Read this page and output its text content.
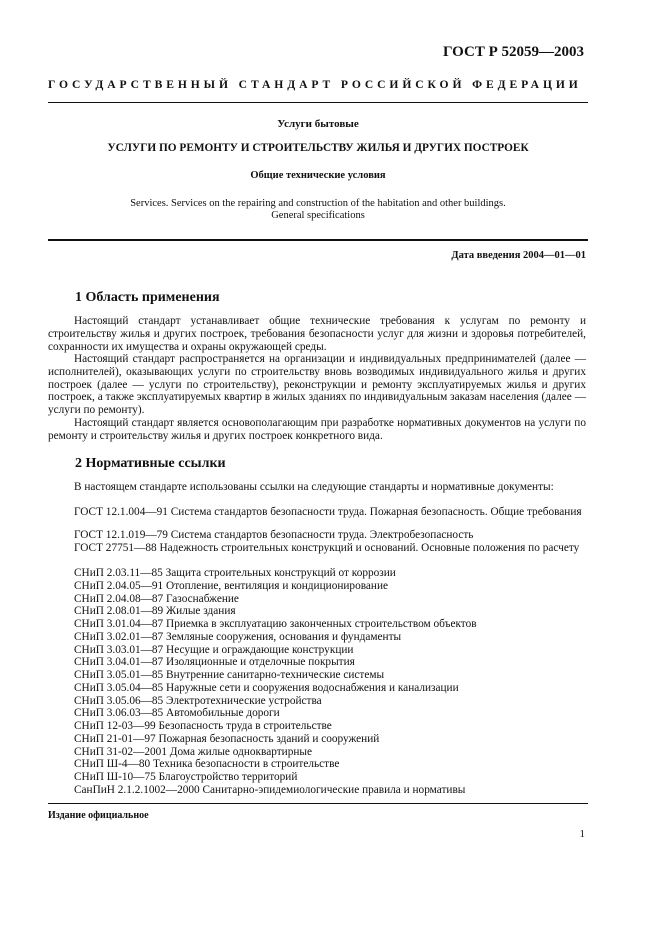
ГОСТ Р 52059—2003
ГОСУДАРСТВЕННЫЙ СТАНДАРТ РОССИЙСКОЙ ФЕДЕРАЦИИ
Услуги бытовые
УСЛУГИ ПО РЕМОНТУ И СТРОИТЕЛЬСТВУ ЖИЛЬЯ И ДРУГИХ ПОСТРОЕК
Общие технические условия
Services. Services on the repairing and construction of the habitation and other buildings.
General specifications
Дата введения 2004—01—01
1 Область применения
Настоящий стандарт устанавливает общие технические требования к услугам по ремонту и строительству жилья и других построек, требования безопасности услуг для жизни и здоровья потребителей, сохранности их имущества и охраны окружающей среды.
Настоящий стандарт распространяется на организации и индивидуальных предпринимателей (далее — исполнителей), оказывающих услуги по строительству вновь возводимых индивидуального жилья и других построек (далее — услуги по строительству), реконструкции и ремонту эксплуатируемых жилья и других построек, а также эксплуатируемых квартир в жилых зданиях по индивидуальным заказам населения (далее — услуги по ремонту).
Настоящий стандарт является основополагающим при разработке нормативных документов на услуги по ремонту и строительству жилья и других построек конкретного вида.
2 Нормативные ссылки
В настоящем стандарте использованы ссылки на следующие стандарты и нормативные документы:
ГОСТ 12.1.004—91 Система стандартов безопасности труда. Пожарная безопасность. Общие требования
ГОСТ 12.1.019—79 Система стандартов безопасности труда. Электробезопасность
ГОСТ 27751—88 Надежность строительных конструкций и оснований. Основные положения по расчету
СНиП 2.03.11—85 Защита строительных конструкций от коррозии
СНиП 2.04.05—91 Отопление, вентиляция и кондиционирование
СНиП 2.04.08—87 Газоснабжение
СНиП 2.08.01—89 Жилые здания
СНиП 3.01.04—87 Приемка в эксплуатацию законченных строительством объектов
СНиП 3.02.01—87 Земляные сооружения, основания и фундаменты
СНиП 3.03.01—87 Несущие и ограждающие конструкции
СНиП 3.04.01—87 Изоляционные и отделочные покрытия
СНиП 3.05.01—85 Внутренние санитарно-технические системы
СНиП 3.05.04—85 Наружные сети и сооружения водоснабжения и канализации
СНиП 3.05.06—85 Электротехнические устройства
СНиП 3.06.03—85 Автомобильные дороги
СНиП 12-03—99 Безопасность труда в строительстве
СНиП 21-01—97 Пожарная безопасность зданий и сооружений
СНиП 31-02—2001 Дома жилые одноквартирные
СНиП Ш-4—80 Техника безопасности в строительстве
СНиП Ш-10—75 Благоустройство территорий
СанПиН 2.1.2.1002—2000 Санитарно-эпидемиологические правила и нормативы
Издание официальное
1
